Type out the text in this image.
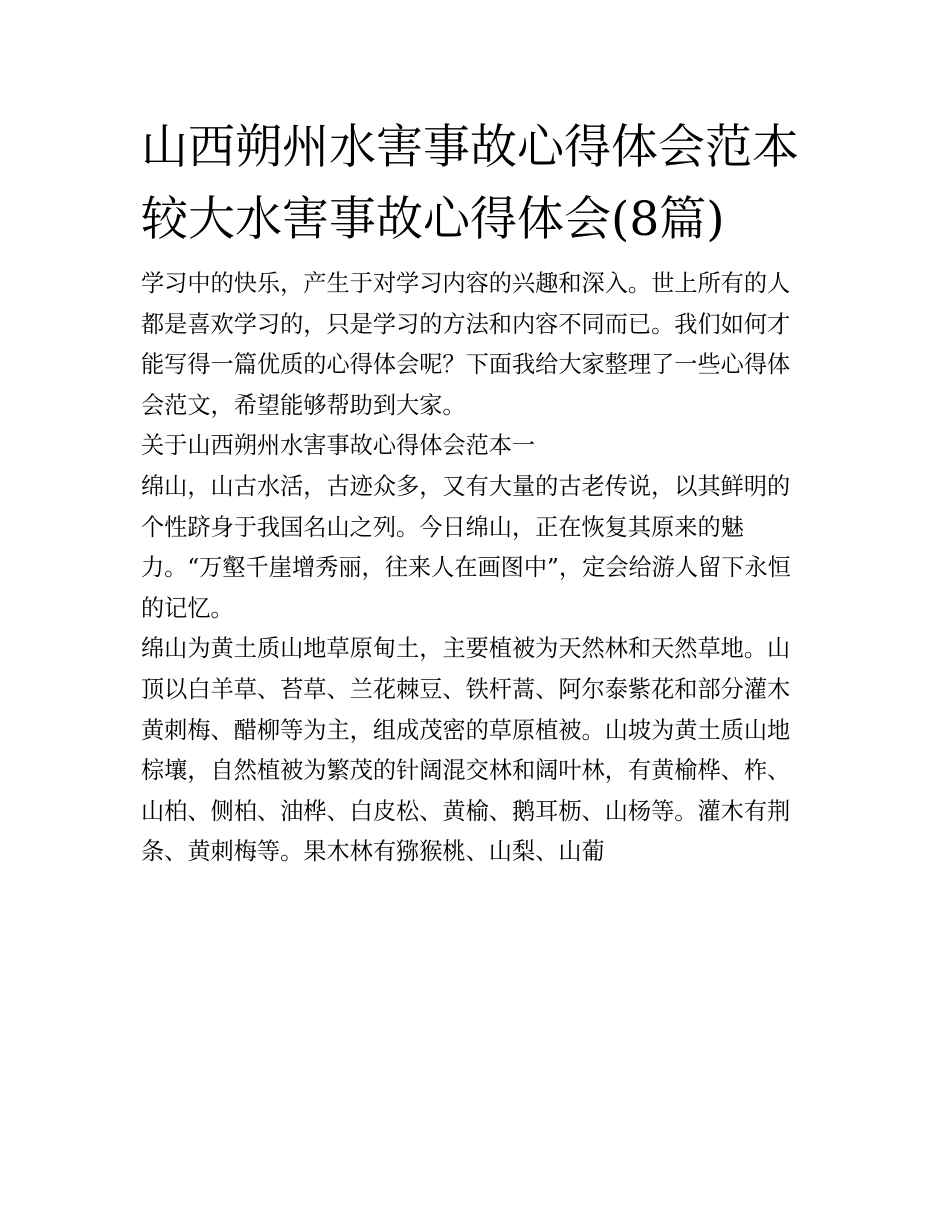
山西朔州水害事故心得体会范本 较大水害事故心得体会(8篇)

学习中的快乐，产生于对学习内容的兴趣和深入。世上所有的人都是喜欢学习的，只是学习的方法和内容不同而已。我们如何才能写得一篇优质的心得体会呢？下面我给大家整理了一些心得体会范文，希望能够帮助到大家。

关于山西朔州水害事故心得体会范本一

绵山，山古水活，古迹众多，又有大量的古老传说，以其鲜明的个性跻身于我国名山之列。今日绵山，正在恢复其原来的魅力。“万壑千崖增秀丽，往来人在画图中”，定会给游人留下永恒的记忆。

绵山为黄土质山地草原甸土，主要植被为天然林和天然草地。山顶以白羊草、苔草、兰花棘豆、铁杆蒿、阿尔泰紫花和部分灌木黄刺梅、醋柳等为主，组成茂密的草原植被。山坡为黄土质山地棕壤，自然植被为繁茂的针阔混交林和阔叶林，有黄榆桦、柞、山柏、侧柏、油桦、白皮松、黄榆、鹅耳枥、山杨等。灌木有荆条、黄刺梅等。果木林有猕猴桃、山梨、山葡
